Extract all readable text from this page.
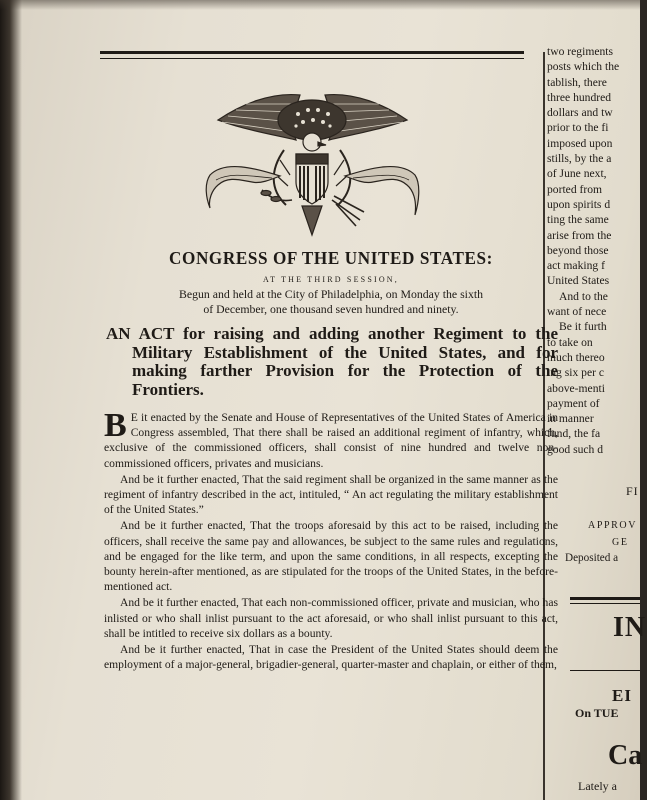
CONGRESS OF THE UNITED STATES:

AT THE THIRD SESSION,
Begun and held at the City of Philadelphia, on Monday the sixth
of December, one thousand seven hundred and ninety.
AN ACT for raising and adding another Regiment to the Military Establishment of the United States, and for making farther Provision for the Protection of the Frontiers.

B E it enacted by the Senate and House of Representatives of the United States of America in Congress assembled, That there shall be raised an additional regiment of infantry, which, exclusive of the commissioned officers, shall consist of nine hundred and twelve non-commissioned officers, privates and musicians.

And be it further enacted, That the said regiment shall be organized in the same manner as the regiment of infantry described in the act, intituled, “ An act regulating the military establishment of the United States.”

And be it further enacted, That the troops aforesaid by this act to be raised, including the officers, shall receive the same pay and allowances, be subject to the same rules and regulations, and be engaged for the like term, and upon the same conditions, in all respects, excepting the bounty herein-after mentioned, as are stipulated for the troops of the United States, in the before-mentioned act.

And be it further enacted, That each non-commissioned officer, private and musician, who has inlisted or who shall inlist pursuant to the act aforesaid, or who shall inlist pursuant to this act, shall be intitled to receive six dollars as a bounty.

And be it further enacted, That in case the President of the United States should deem the employment of a major-general, brigadier-general, quarter-master and chaplain, or either of them,

two regiments
posts which the
tablish, there
three hundred
dollars and tw
prior to the fi
imposed upon
stills, by the a
of June next,
ported from
upon spirits d
ting the same
arise from the
beyond those
act making f
United States
And to the
want of nece
Be it furth
to take on
much thereo
ing six per c
above-menti
payment of
in manner
fund, the fa
good such d
FI
APPROV
GE
Deposited a
IN
EI
On TUE
Ca
Lately a
